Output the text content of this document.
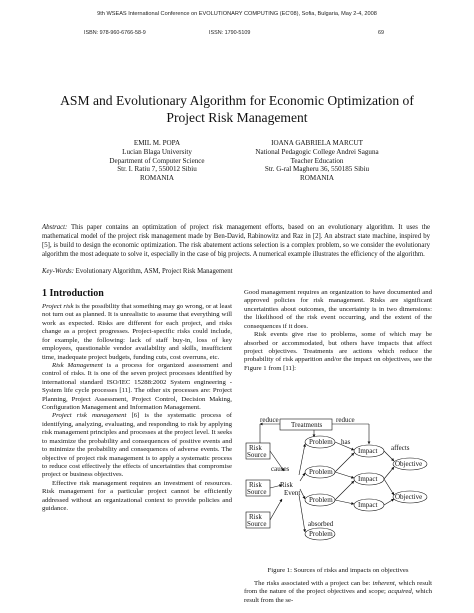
9th WSEAS International Conference on EVOLUTIONARY COMPUTING (EC'08), Sofia, Bulgaria, May 2-4, 2008
ISBN: 978-960-6766-58-9	ISSN: 1790-5109	69
ASM and Evolutionary Algorithm for Economic Optimization of
Project Risk Management
EMIL M. POPA
Lucian Blaga University
Department of Computer Science
Str. I. Ratiu 7, 550012 Sibiu
ROMANIA
IOANA GABRIELA MARCUT
National Pedagogic College Andrei Saguna
Teacher Education
Str. G-ral Magheru 36, 550185 Sibiu
ROMANIA
Abstract: This paper contains an optimization of project risk management efforts, based on an evolutionary algorithm. It uses the mathematical model of the project risk management made by Ben-David, Rabinowitz and Raz in [2]. An abstract state machine, inspired by [5], is build to design the economic optimization. The risk abatement actions selection is a complex problem, so we consider the evolutionary algorithm the most adequate to solve it, especially in the case of big projects. A numerical example illustrates the efficiency of the algorithm.
Key-Words: Evolutionary Algorithm, ASM, Project Risk Management
1 Introduction

Project risk is the possibility that something may go wrong, or at least not turn out as planned. It is unrealistic to assume that everything will work as expected. Risks are different for each project, and risks change as a project progresses. Project-specific risks could include, for example, the following: lack of staff buy-in, loss of key employees, questionable vendor availability and skills, insufficient time, inadequate project budgets, funding cuts, cost overruns, etc.

Risk Management is a process for organized assessment and control of risks. It is one of the seven project processes identified by international standard ISO/IEC 15288:2002 System engineering - System life cycle processes [11]. The other six processes are: Project Planning, Project Assessment, Project Control, Decision Making, Configuration Management and Information Management.

Project risk management [6] is the systematic process of identifying, analyzing, evaluating, and responding to risk by applying risk management principles and processes at the project level. It seeks to maximize the probability and consequences of positive events and to minimize the probability and consequences of adverse events. The objective of project risk management is to apply a systematic process to reduce cost effectively the effects of uncertainties that compromise project or business objectives.

Effective risk management requires an investment of resources. Risk management for a particular project cannot be efficiently addressed without an organizational context to provide policies and guidance.

Good management requires an organization to have documented and approved policies for risk management. Risks are significant uncertainties about outcomes, the uncertainty is in two dimensions: the likelihood of the risk event occurring, and the extent of the consequences if it does.

Risk events give rise to problems, some of which may be absorbed or accommodated, but others have impacts that affect project objectives. Treatments are actions which reduce the probability of risk apparition and/or the impact on objectives, see the Figure 1 from [11]:

reduce	reduce
Treatments
has
affects
Risk
Source
Risk
Source
Risk
Source
causes
Risk
Event
Problem
Problem
Problem
Problem
absorbed
Impact
Impact
Impact
Objective
Objective
Figure 1: Sources of risks and impacts on objectives

The risks associated with a project can be: inherent, which result from the nature of the project objectives and scope; acquired, which result from the se-
